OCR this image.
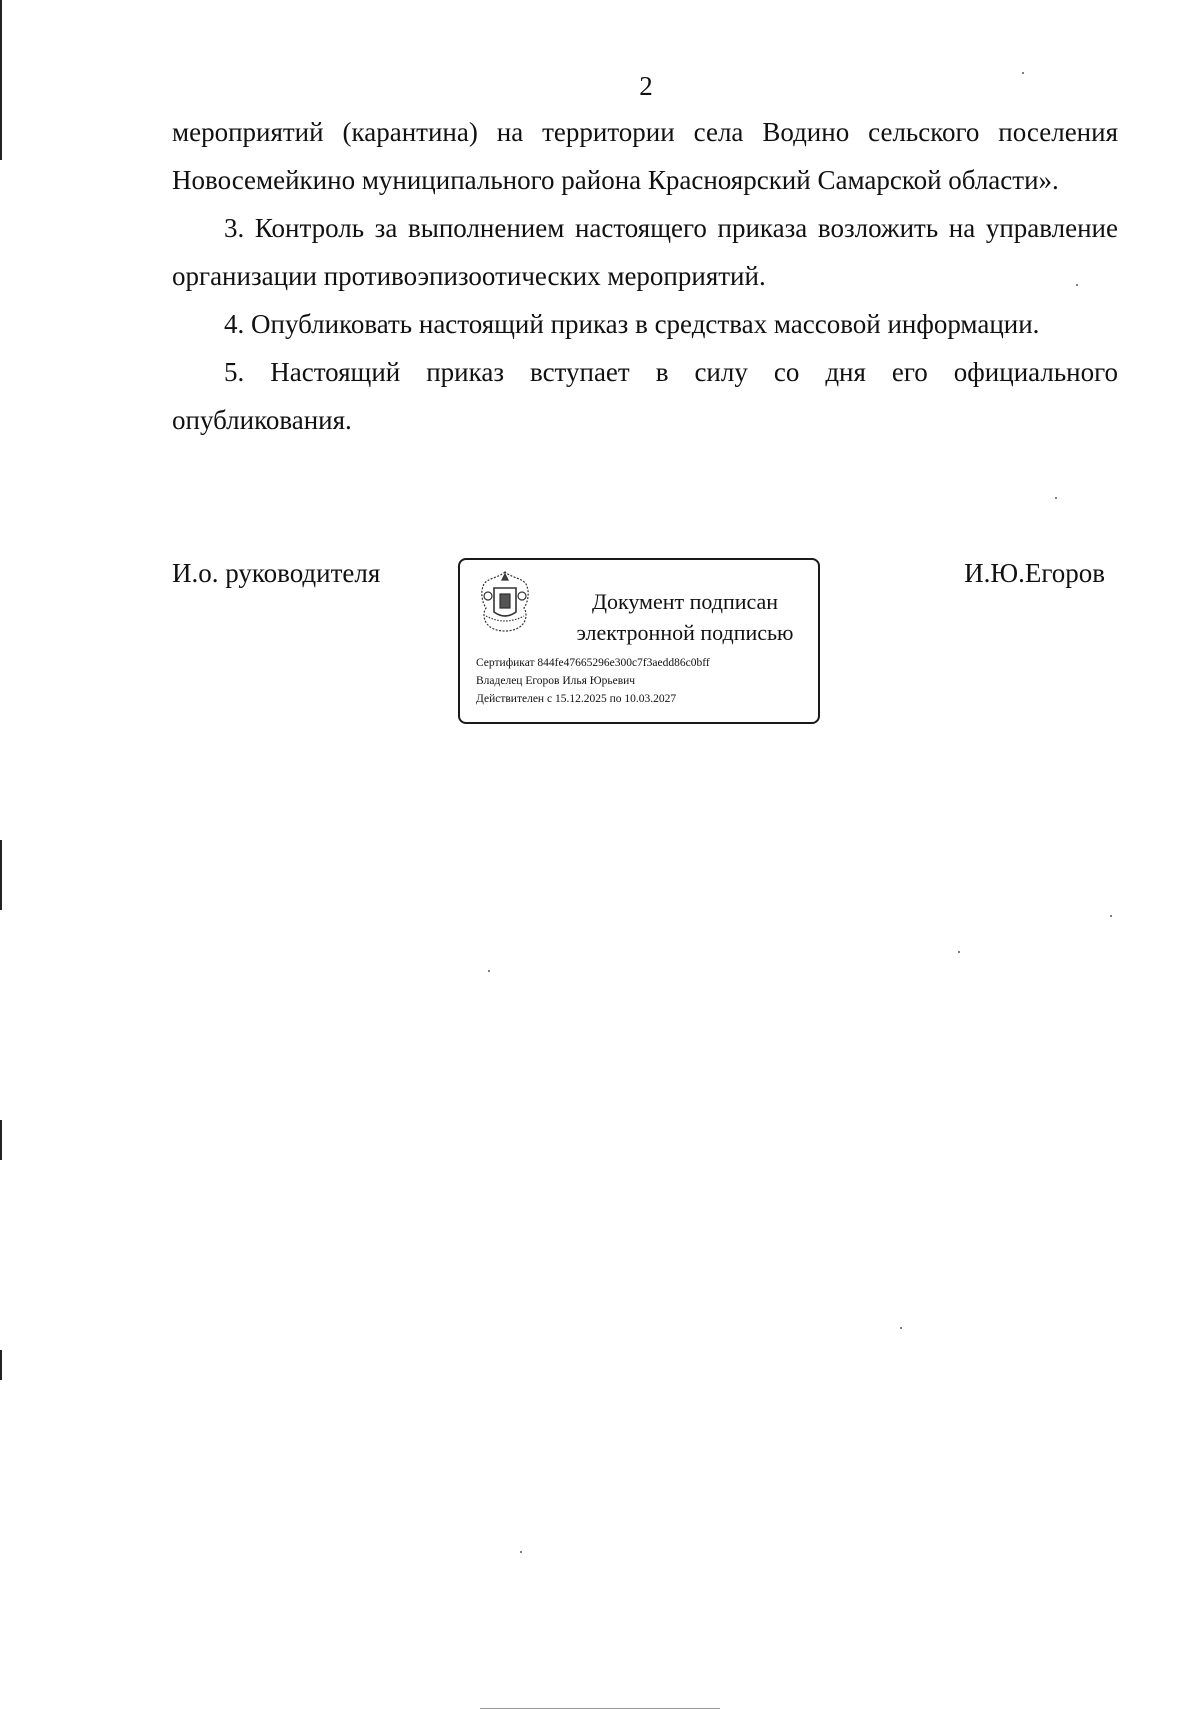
2

мероприятий (карантина) на территории села Водино сельского поселения Новосемейкино муниципального района Красноярский Самарской области».

3. Контроль за выполнением настоящего приказа возложить на управление организации противоэпизоотических мероприятий.

4. Опубликовать настоящий приказ в средствах массовой информации.

5. Настоящий приказ вступает в силу со дня его официального опубликования.

И.о. руководителя
Документ подписан
электронной подписью
Сертификат 844fe47665296e300c7f3aedd86c0bff
Владелец Егоров Илья Юрьевич
Действителен с 15.12.2025 по 10.03.2027
И.Ю.Егоров
